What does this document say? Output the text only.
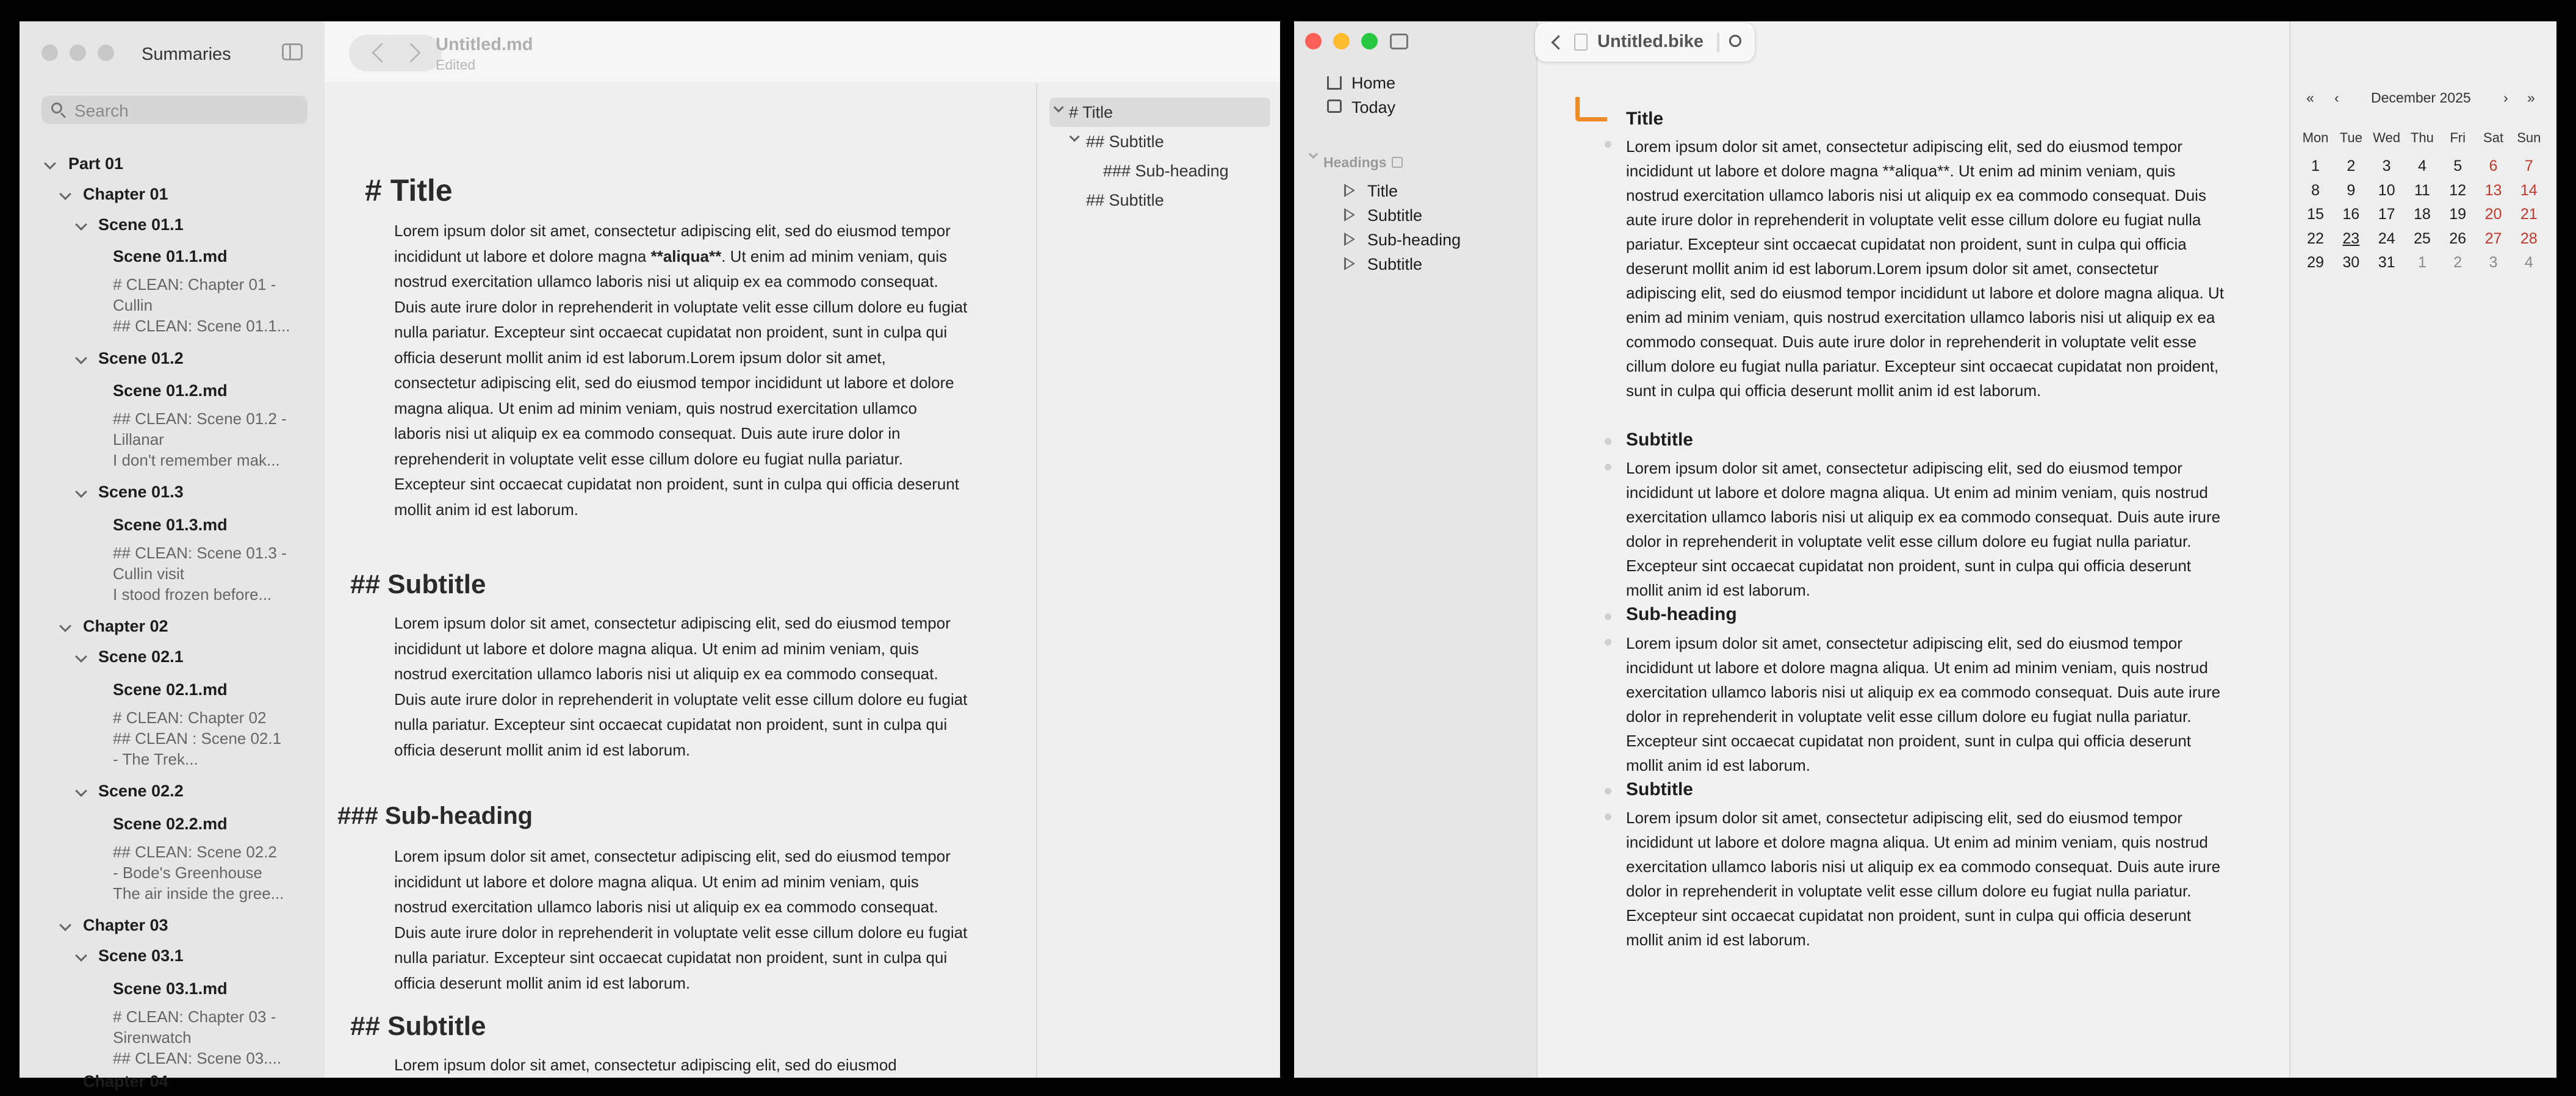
Summaries
Search
Part 01
Chapter 01
Scene 01.1
Scene 01.1.md
# CLEAN: Chapter 01 -
Cullin
## CLEAN: Scene 01.1...
Scene 01.2
Scene 01.2.md
## CLEAN: Scene 01.2 -
Lillanar
I don't remember mak...
Scene 01.3
Scene 01.3.md
## CLEAN: Scene 01.3 -
Cullin visit
I stood frozen before...
Chapter 02
Scene 02.1
Scene 02.1.md
# CLEAN: Chapter 02
## CLEAN : Scene 02.1
- The Trek...
Scene 02.2
Scene 02.2.md
## CLEAN: Scene 02.2
- Bode's Greenhouse
The air inside the gree...
Chapter 03
Scene 03.1
Scene 03.1.md
# CLEAN: Chapter 03 -
Sirenwatch
## CLEAN: Scene 03....
Chapter 04
Untitled.md
Edited
# Title

Lorem ipsum dolor sit amet, consectetur adipiscing elit, sed do eiusmod tempor incididunt ut labore et dolore magna **aliqua**. Ut enim ad minim veniam, quis nostrud exercitation ullamco laboris nisi ut aliquip ex ea commodo consequat. Duis aute irure dolor in reprehenderit in voluptate velit esse cillum dolore eu fugiat nulla pariatur. Excepteur sint occaecat cupidatat non proident, sunt in culpa qui officia deserunt mollit anim id est laborum.Lorem ipsum dolor sit amet, consectetur adipiscing elit, sed do eiusmod tempor incididunt ut labore et dolore magna aliqua. Ut enim ad minim veniam, quis nostrud exercitation ullamco laboris nisi ut aliquip ex ea commodo consequat. Duis aute irure dolor in reprehenderit in voluptate velit esse cillum dolore eu fugiat nulla pariatur. Excepteur sint occaecat cupidatat non proident, sunt in culpa qui officia deserunt mollit anim id est laborum.

## Subtitle

Lorem ipsum dolor sit amet, consectetur adipiscing elit, sed do eiusmod tempor incididunt ut labore et dolore magna aliqua. Ut enim ad minim veniam, quis nostrud exercitation ullamco laboris nisi ut aliquip ex ea commodo consequat. Duis aute irure dolor in reprehenderit in voluptate velit esse cillum dolore eu fugiat nulla pariatur. Excepteur sint occaecat cupidatat non proident, sunt in culpa qui officia deserunt mollit anim id est laborum.

### Sub-heading

Lorem ipsum dolor sit amet, consectetur adipiscing elit, sed do eiusmod tempor incididunt ut labore et dolore magna aliqua. Ut enim ad minim veniam, quis nostrud exercitation ullamco laboris nisi ut aliquip ex ea commodo consequat. Duis aute irure dolor in reprehenderit in voluptate velit esse cillum dolore eu fugiat nulla pariatur. Excepteur sint occaecat cupidatat non proident, sunt in culpa qui officia deserunt mollit anim id est laborum.

## Subtitle

Lorem ipsum dolor sit amet, consectetur adipiscing elit, sed do eiusmod

# Title
## Subtitle
### Sub-heading
## Subtitle
Untitled.bike
Home
Today
Headings
Title
Subtitle
Sub-heading
Subtitle
Title

Lorem ipsum dolor sit amet, consectetur adipiscing elit, sed do eiusmod tempor incididunt ut labore et dolore magna **aliqua**. Ut enim ad minim veniam, quis nostrud exercitation ullamco laboris nisi ut aliquip ex ea commodo consequat. Duis aute irure dolor in reprehenderit in voluptate velit esse cillum dolore eu fugiat nulla pariatur. Excepteur sint occaecat cupidatat non proident, sunt in culpa qui officia deserunt mollit anim id est laborum.Lorem ipsum dolor sit amet, consectetur adipiscing elit, sed do eiusmod tempor incididunt ut labore et dolore magna aliqua. Ut enim ad minim veniam, quis nostrud exercitation ullamco laboris nisi ut aliquip ex ea commodo consequat. Duis aute irure dolor in reprehenderit in voluptate velit esse cillum dolore eu fugiat nulla pariatur. Excepteur sint occaecat cupidatat non proident, sunt in culpa qui officia deserunt mollit anim id est laborum.

Subtitle

Lorem ipsum dolor sit amet, consectetur adipiscing elit, sed do eiusmod tempor incididunt ut labore et dolore magna aliqua. Ut enim ad minim veniam, quis nostrud exercitation ullamco laboris nisi ut aliquip ex ea commodo consequat. Duis aute irure dolor in reprehenderit in voluptate velit esse cillum dolore eu fugiat nulla pariatur. Excepteur sint occaecat cupidatat non proident, sunt in culpa qui officia deserunt mollit anim id est laborum.

Sub-heading

Lorem ipsum dolor sit amet, consectetur adipiscing elit, sed do eiusmod tempor incididunt ut labore et dolore magna aliqua. Ut enim ad minim veniam, quis nostrud exercitation ullamco laboris nisi ut aliquip ex ea commodo consequat. Duis aute irure dolor in reprehenderit in voluptate velit esse cillum dolore eu fugiat nulla pariatur. Excepteur sint occaecat cupidatat non proident, sunt in culpa qui officia deserunt mollit anim id est laborum.

Subtitle

Lorem ipsum dolor sit amet, consectetur adipiscing elit, sed do eiusmod tempor incididunt ut labore et dolore magna aliqua. Ut enim ad minim veniam, quis nostrud exercitation ullamco laboris nisi ut aliquip ex ea commodo consequat. Duis aute irure dolor in reprehenderit in voluptate velit esse cillum dolore eu fugiat nulla pariatur. Excepteur sint occaecat cupidatat non proident, sunt in culpa qui officia deserunt mollit anim id est laborum.

« ‹ December 2025 › »
Mon Tue Wed Thu	Fri	Sat	Sun
1	2	3	4	5	6	7
8	9	10	11	12	13	14
15	16	17	18	19	20	21
22	23	24	25	26	27	28
29	30	31	1	2	3	4
